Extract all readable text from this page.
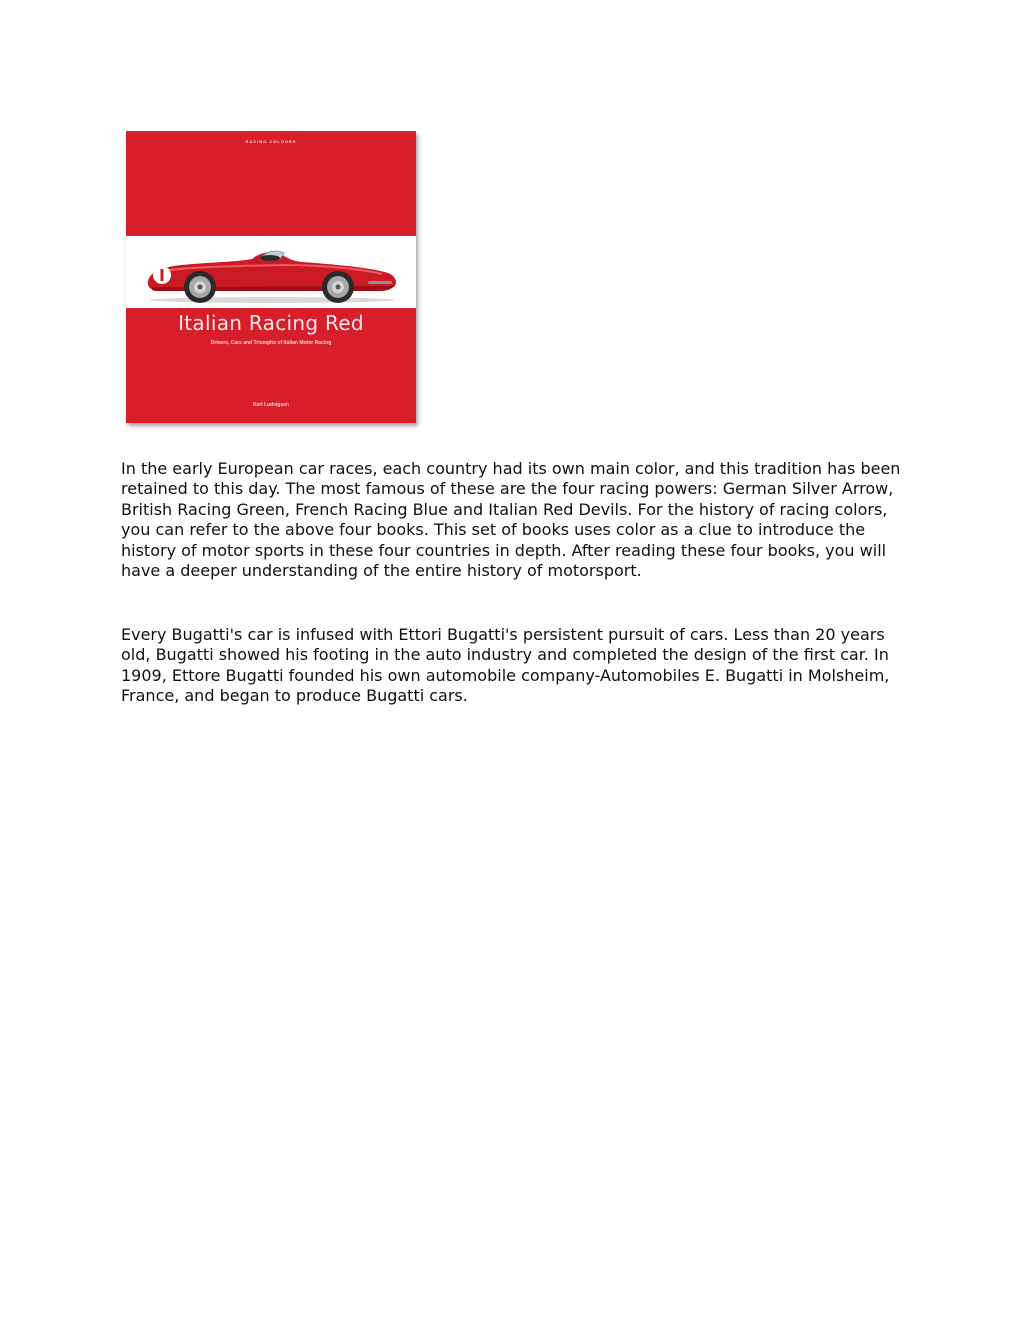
RACING COLOURS
Italian Racing Red
Drivers, Cars and Triumphs of Italian Motor Racing
Karl Ludvigsen

In the early European car races, each country had its own main color, and this tradition has been retained to this day. The most famous of these are the four racing powers: German Silver Arrow, British Racing Green, French Racing Blue and Italian Red Devils. For the history of racing colors, you can refer to the above four books. This set of books uses color as a clue to introduce the history of motor sports in these four countries in depth. After reading these four books, you will have a deeper understanding of the entire history of motorsport.

Every Bugatti's car is infused with Ettori Bugatti's persistent pursuit of cars. Less than 20 years old, Bugatti showed his footing in the auto industry and completed the design of the first car. In 1909, Ettore Bugatti founded his own automobile company-Automobiles E. Bugatti in Molsheim, France, and began to produce Bugatti cars.
